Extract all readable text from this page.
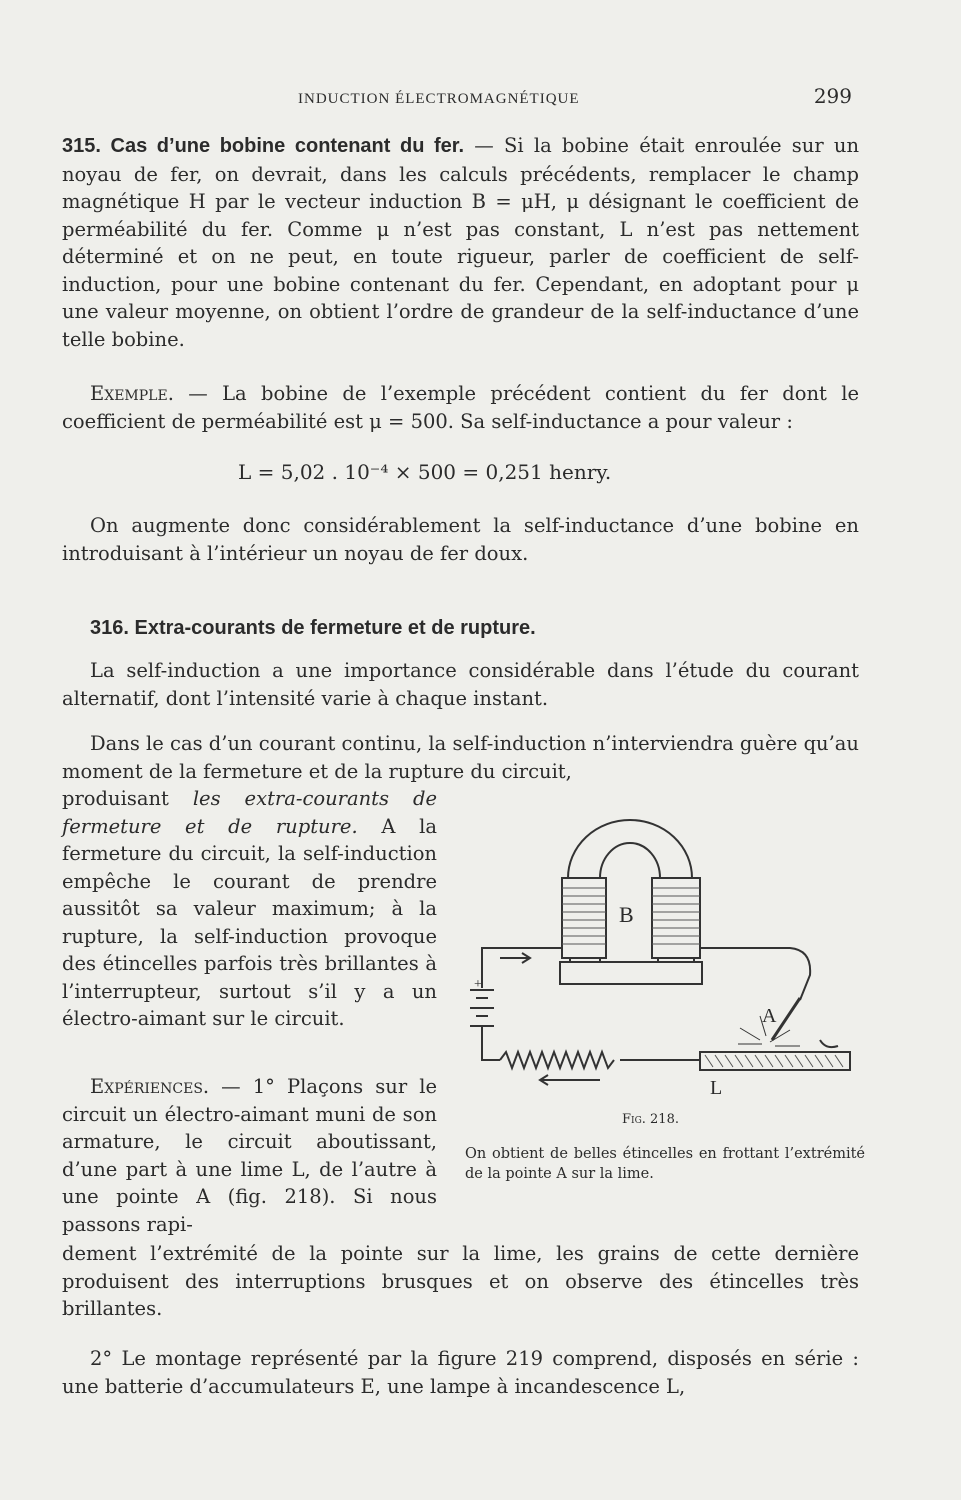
INDUCTION ÉLECTROMAGNÉTIQUE	299

315. Cas d’une bobine contenant du fer. — Si la bobine était enroulée sur un noyau de fer, on devrait, dans les calculs précédents, remplacer le champ magnétique H par le vecteur induction B = μH, μ désignant le coefficient de perméabilité du fer. Comme μ n’est pas constant, L n’est pas nettement déterminé et on ne peut, en toute rigueur, parler de coefficient de self-induction, pour une bobine contenant du fer. Cependant, en adoptant pour μ une valeur moyenne, on obtient l’ordre de grandeur de la self-inductance d’une telle bobine.

Exemple. — La bobine de l’exemple précédent contient du fer dont le coefficient de perméabilité est μ = 500. Sa self-inductance a pour valeur :

L = 5,02 . 10⁻⁴ × 500 = 0,251 henry.

On augmente donc considérablement la self-inductance d’une bobine en introduisant à l’intérieur un noyau de fer doux.

316. Extra-courants de fermeture et de rupture.

La self-induction a une importance considérable dans l’étude du courant alternatif, dont l’intensité varie à chaque instant.

Dans le cas d’un courant continu, la self-induction n’interviendra guère qu’au moment de la fermeture et de la rupture du circuit,

produisant les extra-courants de fermeture et de rupture. A la fermeture du circuit, la self-induction empêche le courant de prendre aussitôt sa valeur maximum; à la rupture, la self-induction provoque des étincelles parfois très brillantes à l’interrupteur, surtout s’il y a un électro-aimant sur le circuit.

Expériences. — 1° Plaçons sur le circuit un électro-aimant muni de son armature, le circuit aboutissant, d’une part à une lime L, de l’autre à une pointe A (fig. 218). Si nous passons rapi-

dement l’extrémité de la pointe sur la lime, les grains de cette dernière produisent des interruptions brusques et on observe des étincelles très brillantes.

2° Le montage représenté par la figure 219 comprend, disposés en série : une batterie d’accumulateurs E, une lampe à incandescence L,

B
A
L
+
Fig. 218.
On obtient de belles étincelles en frottant l’extrémité de la pointe A sur la lime.
